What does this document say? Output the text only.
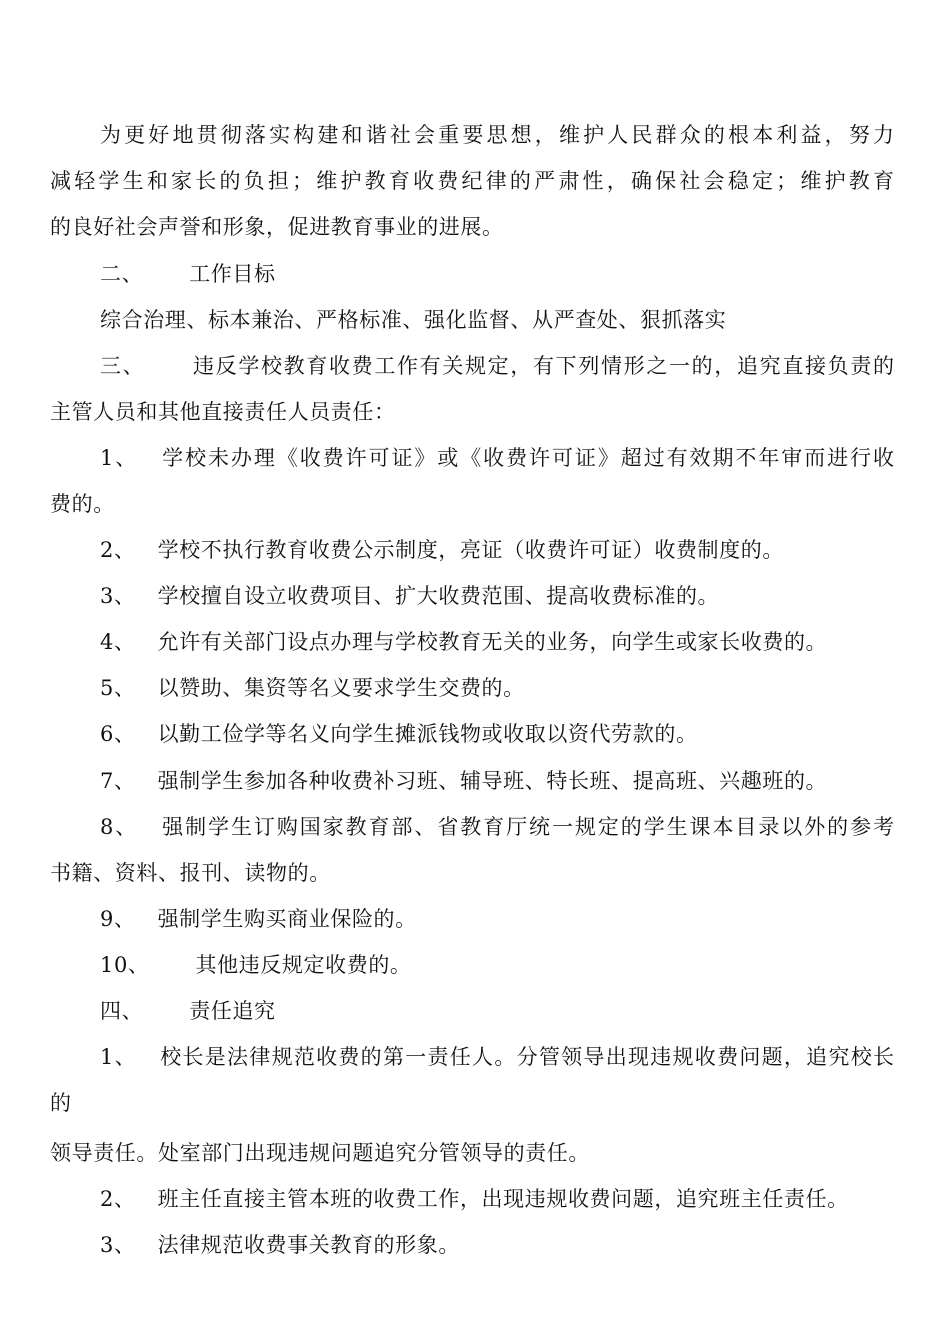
为更好地贯彻落实构建和谐社会重要思想，维护人民群众的根本利益，努力
减轻学生和家长的负担；维护教育收费纪律的严肃性，确保社会稳定；维护教育
的良好社会声誉和形象，促进教育事业的进展。
二、 工作目标
综合治理、标本兼治、严格标准、强化监督、从严查处、狠抓落实
三、 违反学校教育收费工作有关规定，有下列情形之一的，追究直接负责的
主管人员和其他直接责任人员责任：
1、 学校未办理《收费许可证》或《收费许可证》超过有效期不年审而进行收
费的。
2、 学校不执行教育收费公示制度，亮证（收费许可证）收费制度的。
3、 学校擅自设立收费项目、扩大收费范围、提高收费标准的。
4、 允许有关部门设点办理与学校教育无关的业务，向学生或家长收费的。
5、 以赞助、集资等名义要求学生交费的。
6、 以勤工俭学等名义向学生摊派钱物或收取以资代劳款的。
7、 强制学生参加各种收费补习班、辅导班、特长班、提高班、兴趣班的。
8、 强制学生订购国家教育部、省教育厅统一规定的学生课本目录以外的参考
书籍、资料、报刊、读物的。
9、 强制学生购买商业保险的。
10、 其他违反规定收费的。
四、 责任追究
1、 校长是法律规范收费的第一责任人。分管领导出现违规收费问题，追究校长
的
领导责任。处室部门出现违规问题追究分管领导的责任。
2、 班主任直接主管本班的收费工作，出现违规收费问题，追究班主任责任。
3、 法律规范收费事关教育的形象。
